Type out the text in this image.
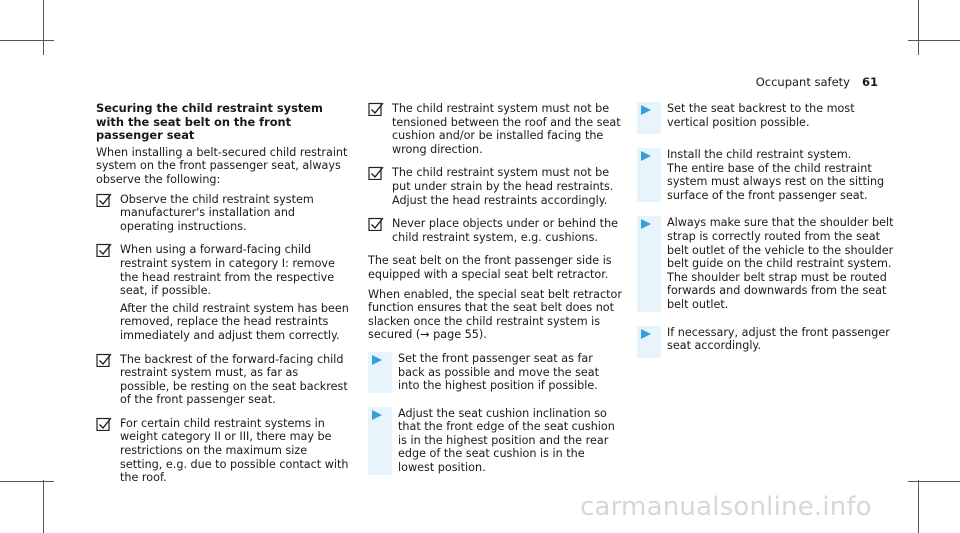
Occupant safety 61
Securing the child restraint system with the seat belt on the front passenger seat

When installing a belt-secured child restraint system on the front passenger seat, always observe the following:

Observe the child restraint system manufacturer's installation and operating instructions.

When using a forward-facing child restraint system in category I: remove the head restraint from the respective seat, if possible.

After the child restraint system has been removed, replace the head restraints immediately and adjust them correctly.

The backrest of the forward-facing child restraint system must, as far as possible, be resting on the seat backrest of the front passenger seat.

For certain child restraint systems in weight category II or III, there may be restrictions on the maximum size setting, e.g. due to possible contact with the roof.

The child restraint system must not be tensioned between the roof and the seat cushion and/or be installed facing the wrong direction.

The child restraint system must not be put under strain by the head restraints. Adjust the head restraints accordingly.

Never place objects under or behind the child restraint system, e.g. cushions.

The seat belt on the front passenger side is equipped with a special seat belt retractor.

When enabled, the special seat belt retractor function ensures that the seat belt does not slacken once the child restraint system is secured (→ page 55).

Set the front passenger seat as far back as possible and move the seat into the highest position if possible.
Adjust the seat cushion inclination so that the front edge of the seat cushion is in the highest position and the rear edge of the seat cushion is in the lowest position.
Set the seat backrest to the most vertical position possible.
Install the child restraint system.
The entire base of the child restraint system must always rest on the sitting surface of the front passenger seat.
Always make sure that the shoulder belt strap is correctly routed from the seat belt outlet of the vehicle to the shoulder belt guide on the child restraint system.
The shoulder belt strap must be routed forwards and downwards from the seat belt outlet.
If necessary, adjust the front passenger seat accordingly.
carmanualsonline.info
